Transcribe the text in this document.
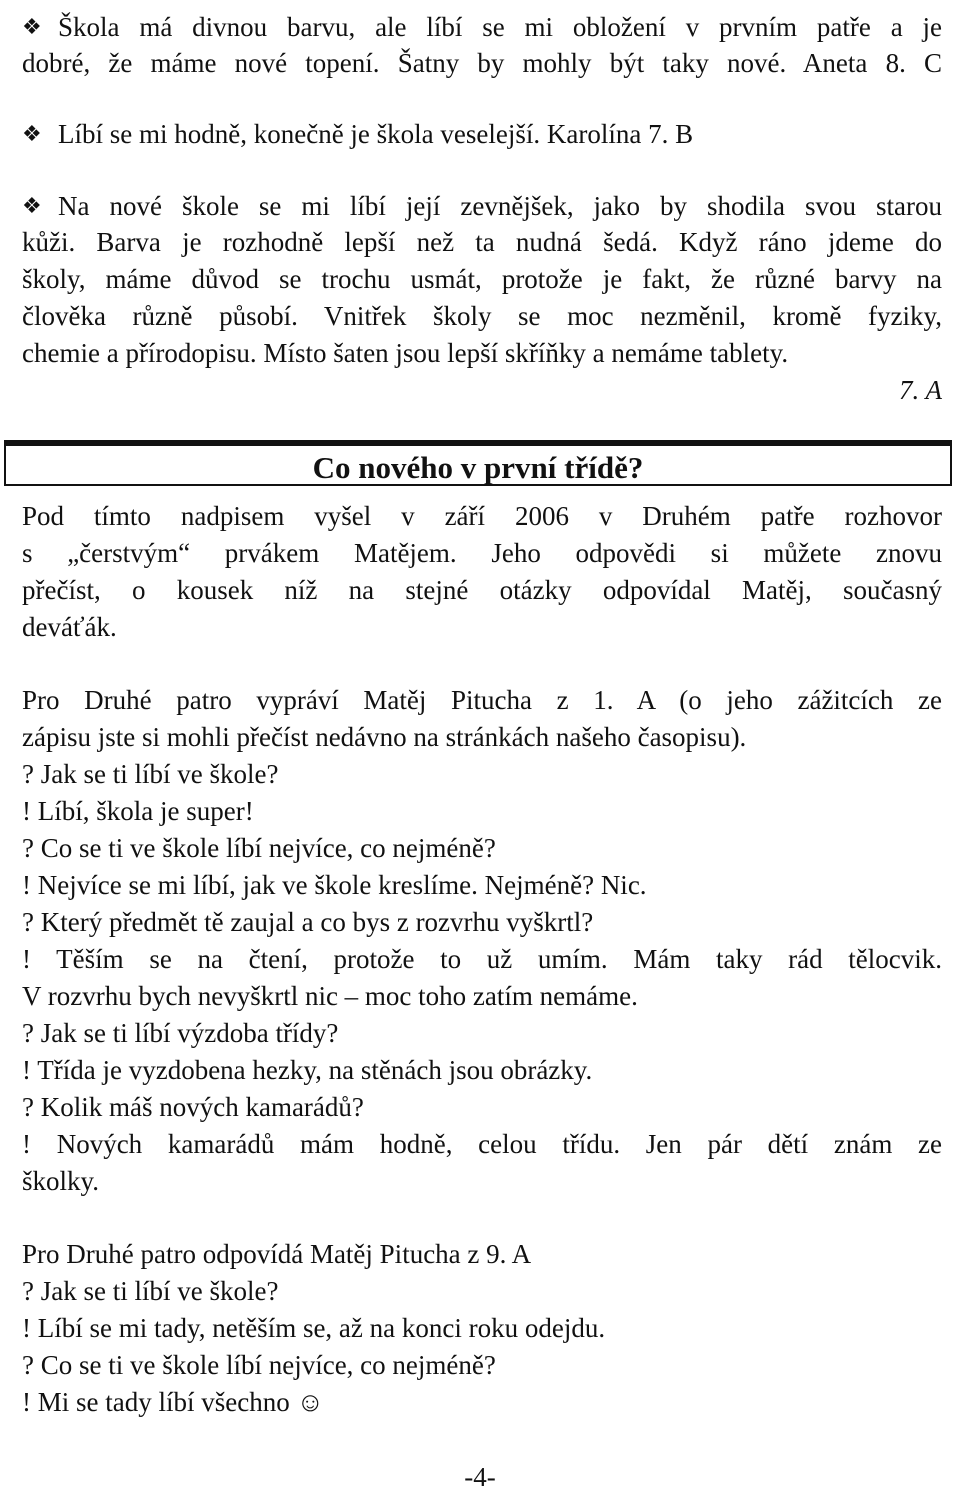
❖ Škola má divnou barvu, ale líbí se mi obložení v prvním patře a je
dobré, že máme nové topení. Šatny by mohly být taky nové. Aneta 8. C
❖ Líbí se mi hodně, konečně je škola veselejší. Karolína 7. B
❖ Na nové škole se mi líbí její zevnějšek, jako by shodila svou starou
kůži. Barva je rozhodně lepší než ta nudná šedá. Když ráno jdeme do
školy, máme důvod se trochu usmát, protože je fakt, že různé barvy na
člověka různě působí. Vnitřek školy se moc nezměnil, kromě fyziky,
chemie a přírodopisu. Místo šaten jsou lepší skříňky a nemáme tablety.
7. A
Co nového v první třídě?
Pod tímto nadpisem vyšel v září 2006 v Druhém patře rozhovor
s „čerstvým“ prvákem Matějem. Jeho odpovědi si můžete znovu
přečíst, o kousek níž na stejné otázky odpovídal Matěj, současný
deváťák.
Pro Druhé patro vypráví Matěj Pitucha z 1. A (o jeho zážitcích ze
zápisu jste si mohli přečíst nedávno na stránkách našeho časopisu).
? Jak se ti líbí ve škole?
! Líbí, škola je super!
? Co se ti ve škole líbí nejvíce, co nejméně?
! Nejvíce se mi líbí, jak ve škole kreslíme. Nejméně? Nic.
? Který předmět tě zaujal a co bys z rozvrhu vyškrtl?
! Těším se na čtení, protože to už umím. Mám taky rád tělocvik.
V rozvrhu bych nevyškrtl nic – moc toho zatím nemáme.
? Jak se ti líbí výzdoba třídy?
! Třída je vyzdobena hezky, na stěnách jsou obrázky.
? Kolik máš nových kamarádů?
! Nových kamarádů mám hodně, celou třídu. Jen pár dětí znám ze
školky.
Pro Druhé patro odpovídá Matěj Pitucha z 9. A
? Jak se ti líbí ve škole?
! Líbí se mi tady, netěším se, až na konci roku odejdu.
? Co se ti ve škole líbí nejvíce, co nejméně?
! Mi se tady líbí všechno ☺
-4-
